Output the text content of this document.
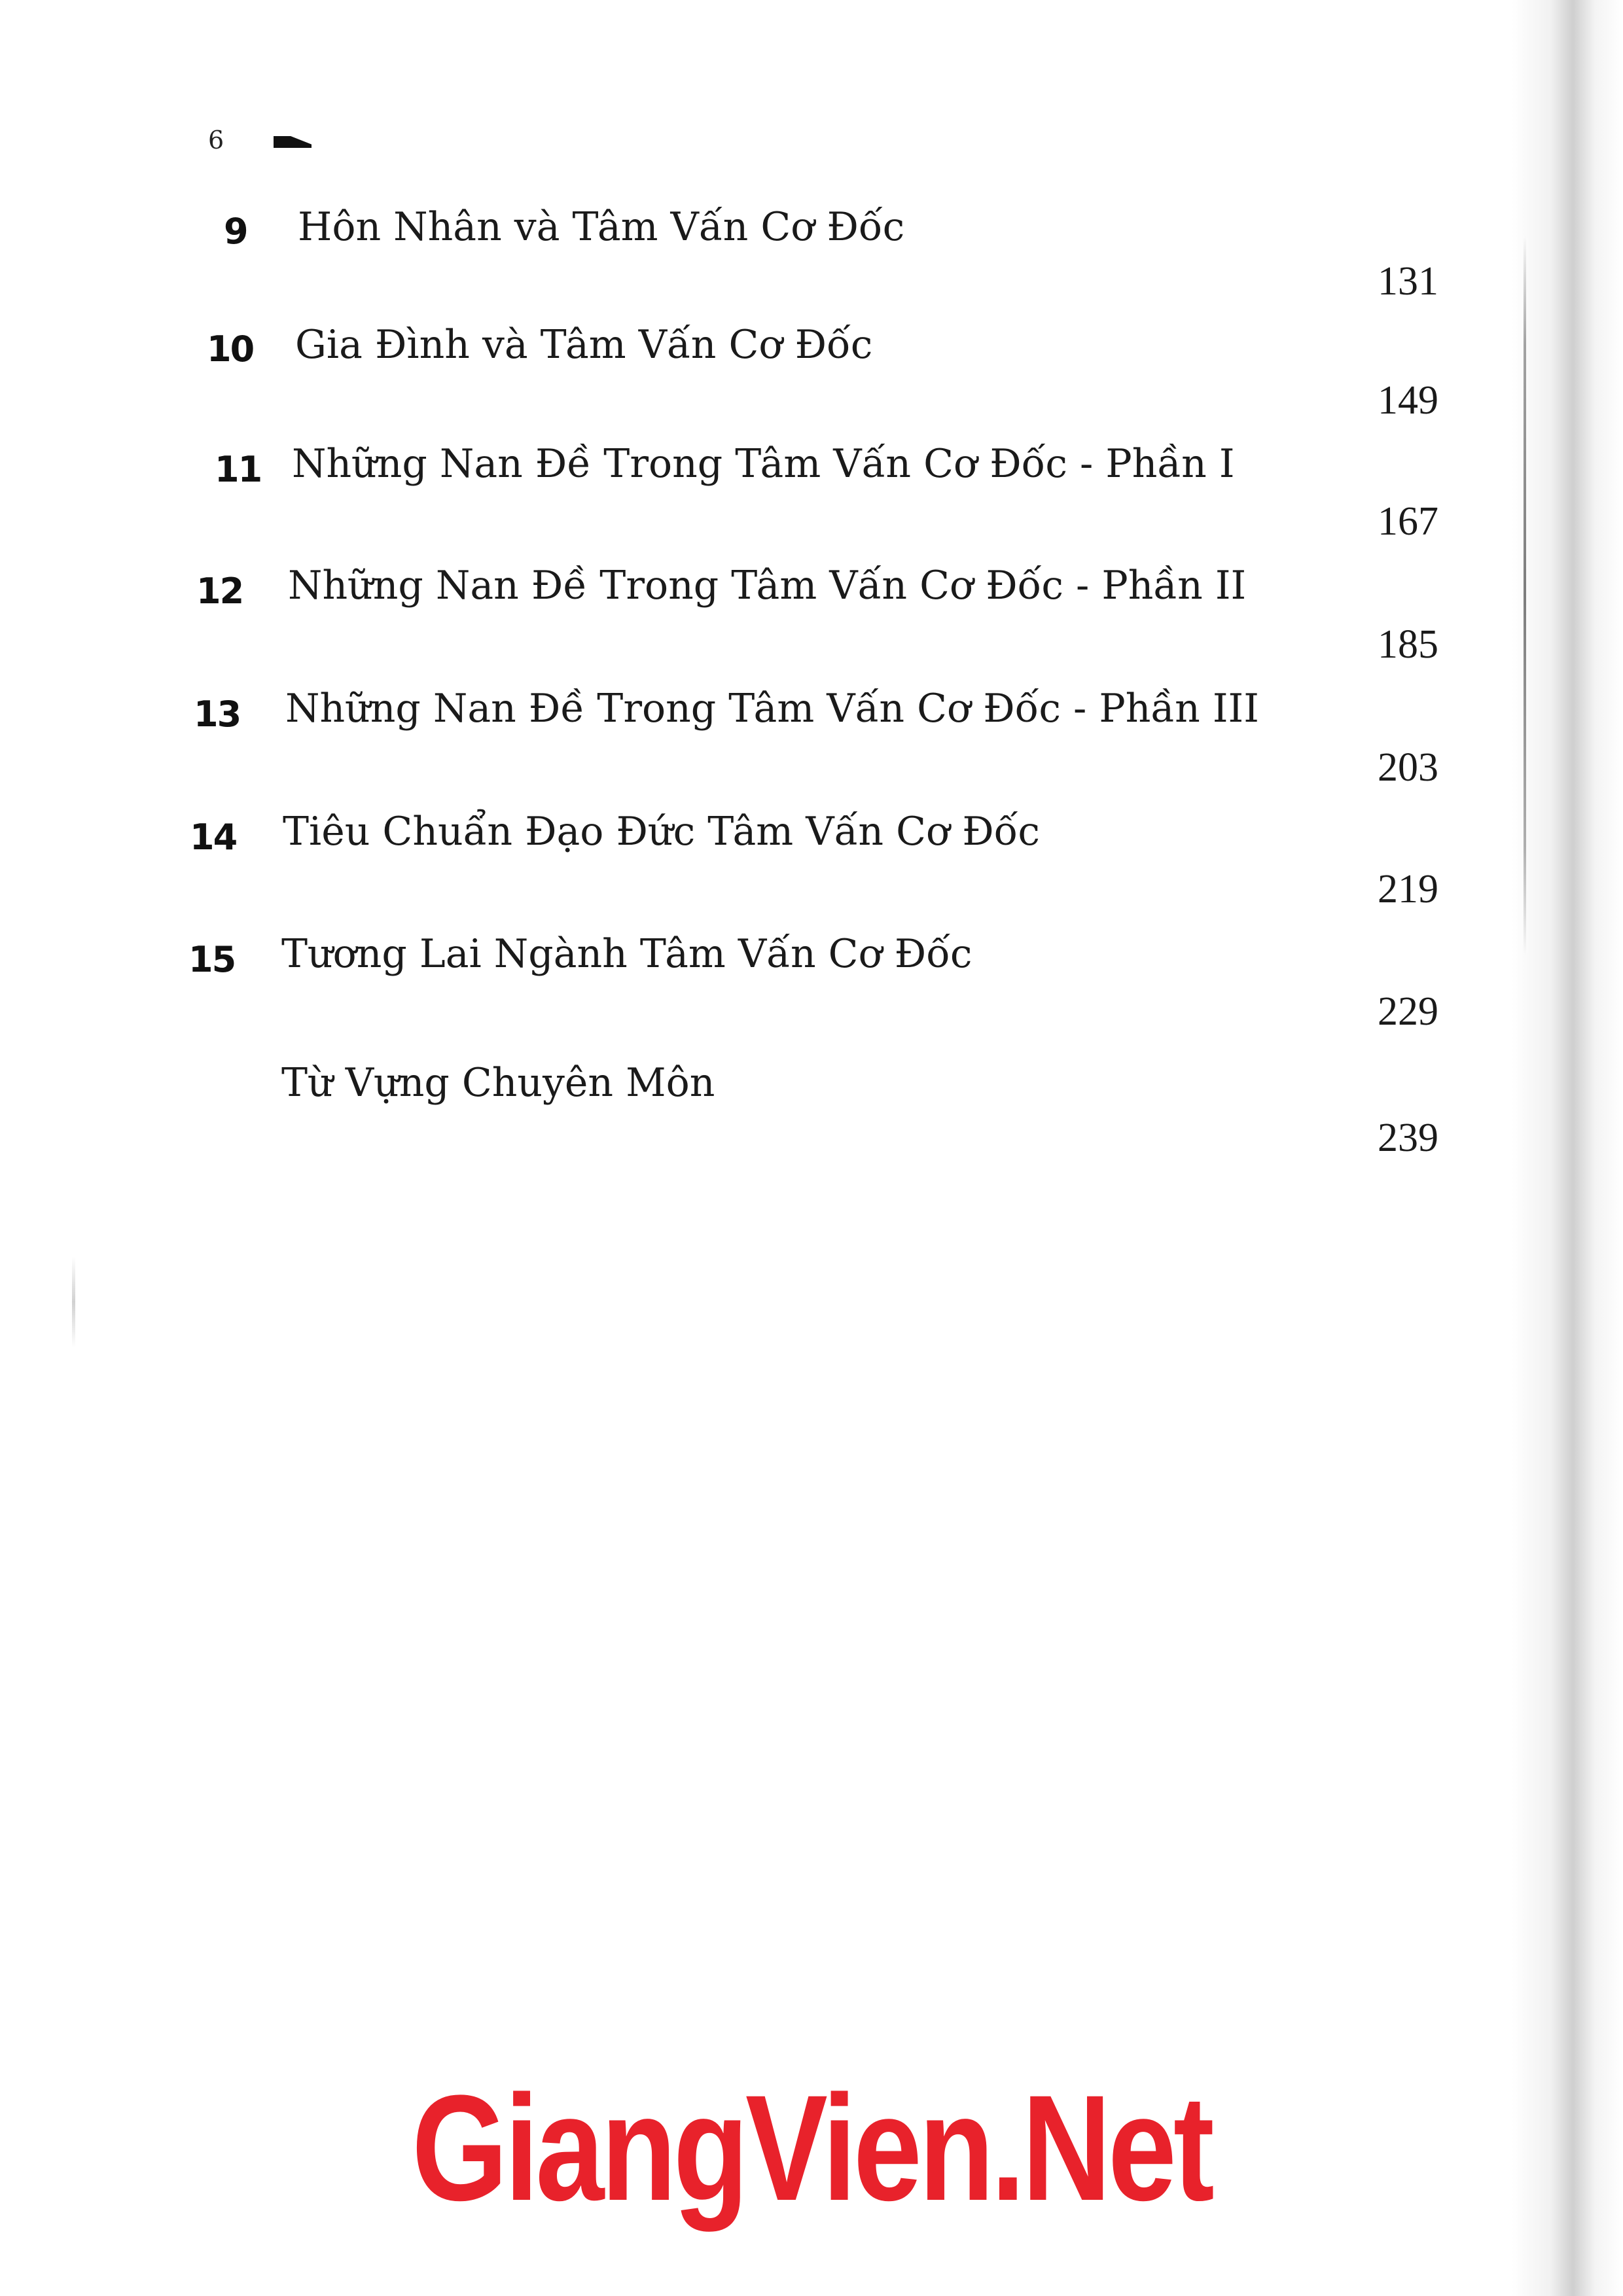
6
9 Hôn Nhân và Tâm Vấn Cơ Đốc
131
10 Gia Đình và Tâm Vấn Cơ Đốc
149
11 Những Nan Đề Trong Tâm Vấn Cơ Đốc - Phần I
167
12 Những Nan Đề Trong Tâm Vấn Cơ Đốc - Phần II
185
13 Những Nan Đề Trong Tâm Vấn Cơ Đốc - Phần III
203
14 Tiêu Chuẩn Đạo Đức Tâm Vấn Cơ Đốc
219
15 Tương Lai Ngành Tâm Vấn Cơ Đốc
229
Từ Vựng Chuyên Môn
239
GiangVien.Net
